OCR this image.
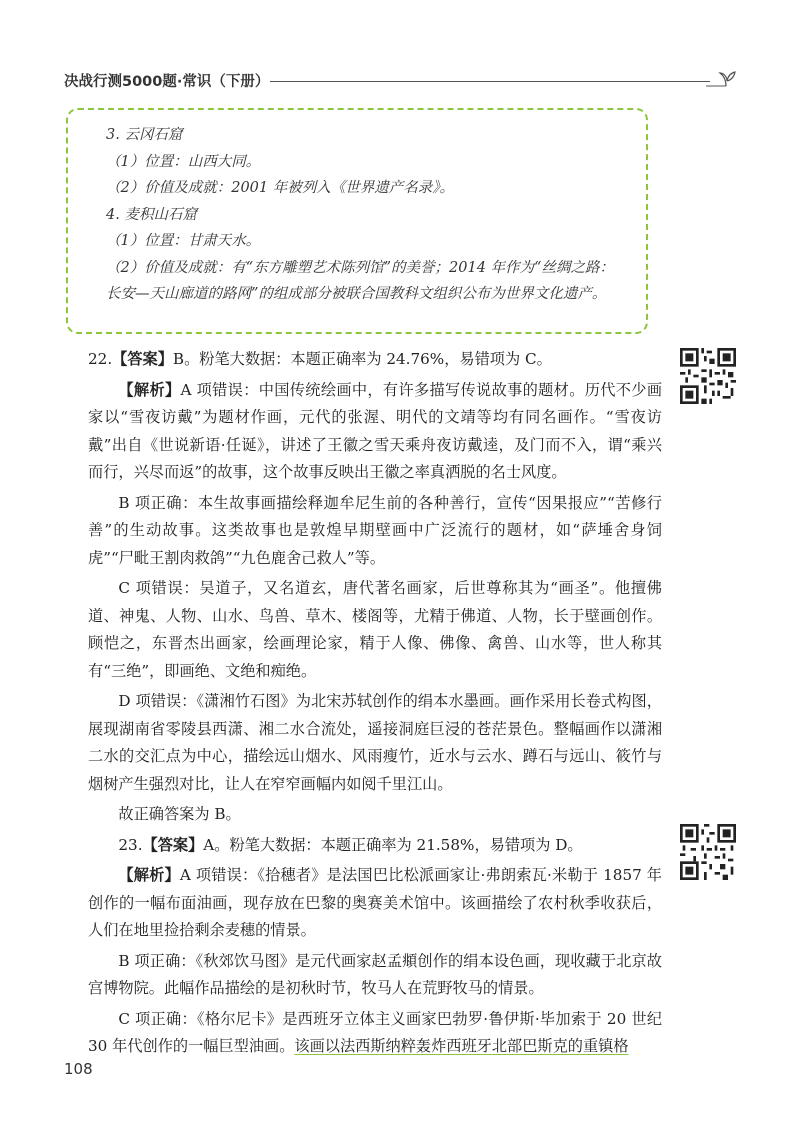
决战行测5000题·常识（下册）

3. 云冈石窟

（1）位置：山西大同。

（2）价值及成就：2001 年被列入《世界遗产名录》。

4. 麦积山石窟

（1）位置：甘肃天水。

（2）价值及成就：有“东方雕塑艺术陈列馆”的美誉；2014 年作为“丝绸之路：长安—天山廊道的路网”的组成部分被联合国教科文组织公布为世界文化遗产。

22.【答案】B。粉笔大数据：本题正确率为 24.76%，易错项为 C。

【解析】A 项错误：中国传统绘画中，有许多描写传说故事的题材。历代不少画家以“雪夜访戴”为题材作画，元代的张渥、明代的文靖等均有同名画作。“雪夜访戴”出自《世说新语·任诞》，讲述了王徽之雪天乘舟夜访戴逵，及门而不入，谓“乘兴而行，兴尽而返”的故事，这个故事反映出王徽之率真洒脱的名士风度。

B 项正确：本生故事画描绘释迦牟尼生前的各种善行，宣传“因果报应”“苦修行善”的生动故事。这类故事也是敦煌早期壁画中广泛流行的题材，如“萨埵舍身饲虎”“尸毗王割肉救鸽”“九色鹿舍己救人”等。

C 项错误：吴道子，又名道玄，唐代著名画家，后世尊称其为“画圣”。他擅佛道、神鬼、人物、山水、鸟兽、草木、楼阁等，尤精于佛道、人物，长于壁画创作。顾恺之，东晋杰出画家，绘画理论家，精于人像、佛像、禽兽、山水等，世人称其有“三绝”，即画绝、文绝和痴绝。

D 项错误：《潇湘竹石图》为北宋苏轼创作的绢本水墨画。画作采用长卷式构图，展现湖南省零陵县西潇、湘二水合流处，遥接洞庭巨浸的苍茫景色。整幅画作以潇湘二水的交汇点为中心，描绘远山烟水、风雨瘦竹，近水与云水、蹲石与远山、筱竹与烟树产生强烈对比，让人在窄窄画幅内如阅千里江山。

故正确答案为 B。

23.【答案】A。粉笔大数据：本题正确率为 21.58%，易错项为 D。

【解析】A 项错误：《拾穗者》是法国巴比松派画家让·弗朗索瓦·米勒于 1857 年创作的一幅布面油画，现存放在巴黎的奥赛美术馆中。该画描绘了农村秋季收获后，人们在地里捡拾剩余麦穗的情景。

B 项正确：《秋郊饮马图》是元代画家赵孟頫创作的绢本设色画，现收藏于北京故宫博物院。此幅作品描绘的是初秋时节，牧马人在荒野牧马的情景。

C 项正确：《格尔尼卡》是西班牙立体主义画家巴勃罗·鲁伊斯·毕加索于 20 世纪 30 年代创作的一幅巨型油画。该画以法西斯纳粹轰炸西班牙北部巴斯克的重镇格

108
